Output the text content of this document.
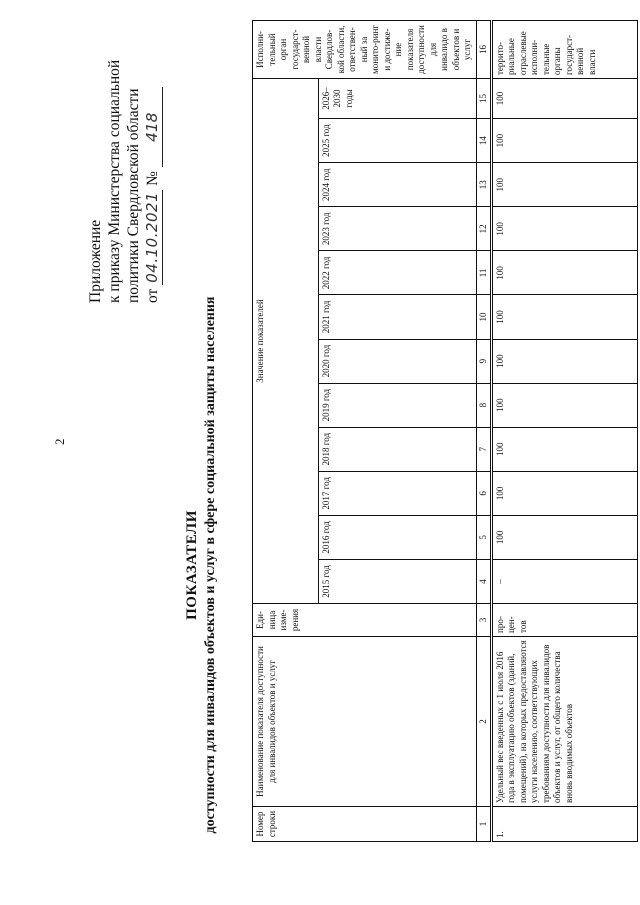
2
Приложение к приказу Министерства социальной политики Свердловской области от 04.10.2021 № 418
ПОКАЗАТЕЛИ доступности для инвалидов объектов и услуг в сфере социальной защиты населения	Номер строки	Наименование показателя доступности для инвалидов объектов и услуг	Еди-ница изме-рения	Значение показателей												Исполни-тельный орган государст-венной власти Свердлов-кой области, ответствен-ный за монито-ринг и достиже-ние показателя доступности для инвалидо в объектов и услуг
			2015 год	2016 год	2017 год	2018 год	2019 год	2020 год	2021 год	2022 год	2023 год	2024 год	2025 год	2026–2030 годы	
1	2	3	4	5	6	7	8	9	10	11	12	13	14	15	16
1.	Удельный вес введенных с 1 июля 2016 года в эксплуатацию объектов (зданий, помещений), на которых предоставляются услуги населению, соответствующих требованиям доступности для инвалидов объектов и услуг, от общего количества вновь вводимых объектов	про-цен-тов	–	100	100	100	100	100	100	100	100	100	100	100	террито-риальные отраслевые исполни-тельные органы государст-венной власти
